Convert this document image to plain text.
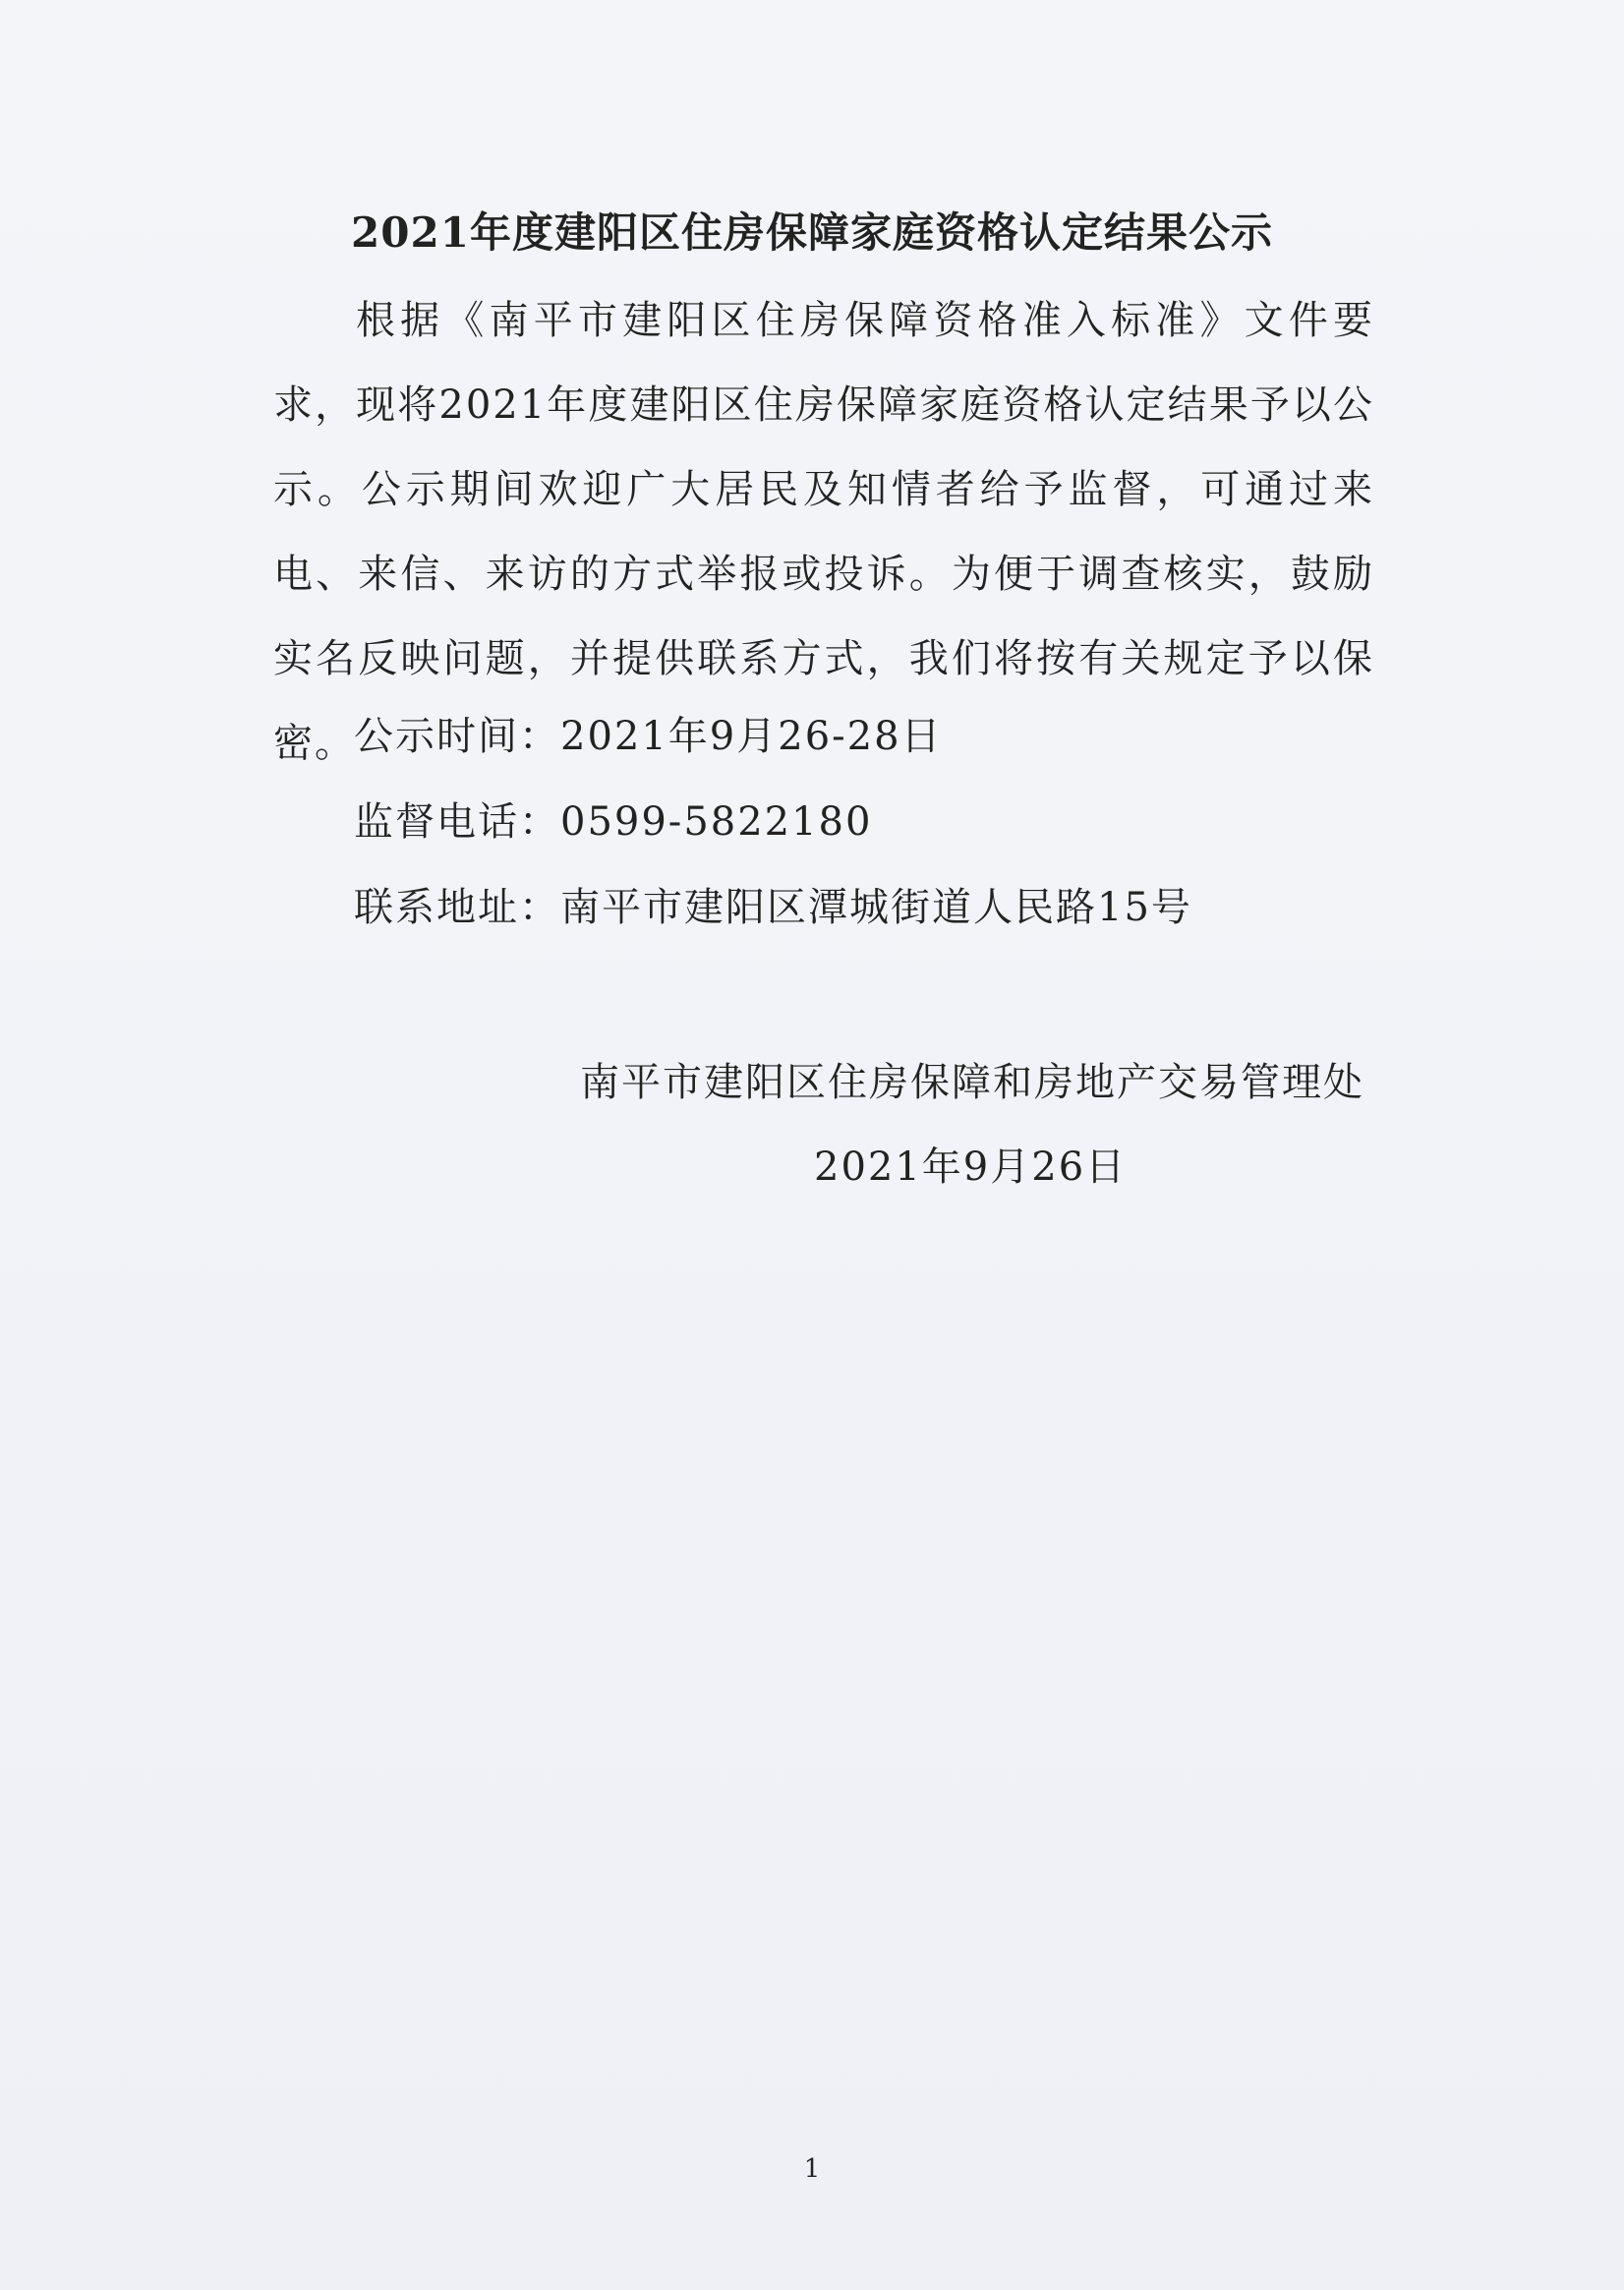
2021年度建阳区住房保障家庭资格认定结果公示
根据《南平市建阳区住房保障资格准入标准》文件要求，现将2021年度建阳区住房保障家庭资格认定结果予以公示。公示期间欢迎广大居民及知情者给予监督，可通过来电、来信、来访的方式举报或投诉。为便于调查核实，鼓励实名反映问题，并提供联系方式，我们将按有关规定予以保密。
公示时间：2021年9月26-28日
监督电话：0599-5822180
联系地址：南平市建阳区潭城街道人民路15号
南平市建阳区住房保障和房地产交易管理处
2021年9月26日
1
